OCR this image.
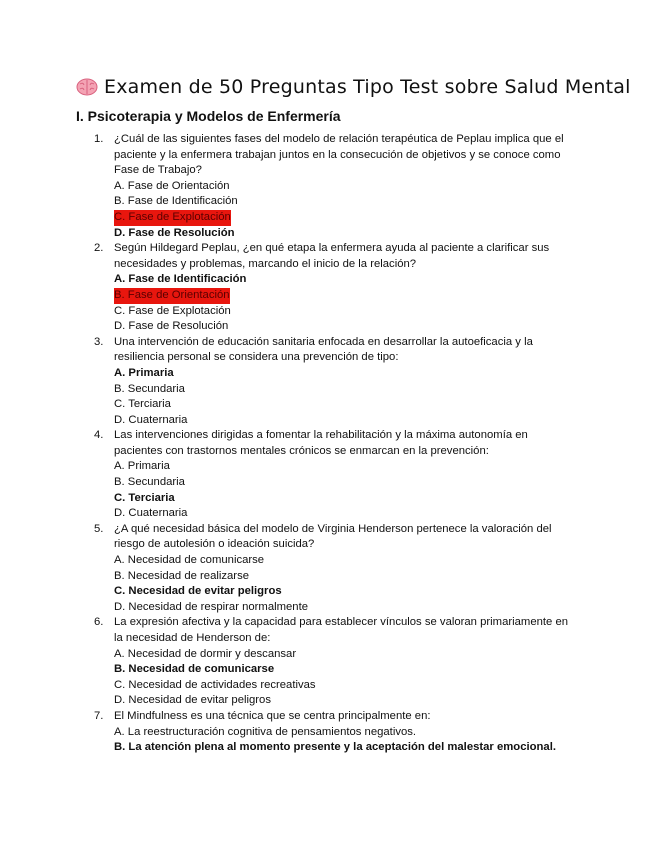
Examen de 50 Preguntas Tipo Test sobre Salud Mental
I. Psicoterapia y Modelos de Enfermería
1. ¿Cuál de las siguientes fases del modelo de relación terapéutica de Peplau implica que el paciente y la enfermera trabajan juntos en la consecución de objetivos y se conoce como Fase de Trabajo?
A. Fase de Orientación
B. Fase de Identificación
C. Fase de Explotación
D. Fase de Resolución
2. Según Hildegard Peplau, ¿en qué etapa la enfermera ayuda al paciente a clarificar sus necesidades y problemas, marcando el inicio de la relación?
A. Fase de Identificación
B. Fase de Orientación
C. Fase de Explotación
D. Fase de Resolución
3. Una intervención de educación sanitaria enfocada en desarrollar la autoeficacia y la resiliencia personal se considera una prevención de tipo:
A. Primaria
B. Secundaria
C. Terciaria
D. Cuaternaria
4. Las intervenciones dirigidas a fomentar la rehabilitación y la máxima autonomía en pacientes con trastornos mentales crónicos se enmarcan en la prevención:
A. Primaria
B. Secundaria
C. Terciaria
D. Cuaternaria
5. ¿A qué necesidad básica del modelo de Virginia Henderson pertenece la valoración del riesgo de autolesión o ideación suicida?
A. Necesidad de comunicarse
B. Necesidad de realizarse
C. Necesidad de evitar peligros
D. Necesidad de respirar normalmente
6. La expresión afectiva y la capacidad para establecer vínculos se valoran primariamente en la necesidad de Henderson de:
A. Necesidad de dormir y descansar
B. Necesidad de comunicarse
C. Necesidad de actividades recreativas
D. Necesidad de evitar peligros
7. El Mindfulness es una técnica que se centra principalmente en:
A. La reestructuración cognitiva de pensamientos negativos.
B. La atención plena al momento presente y la aceptación del malestar emocional.
